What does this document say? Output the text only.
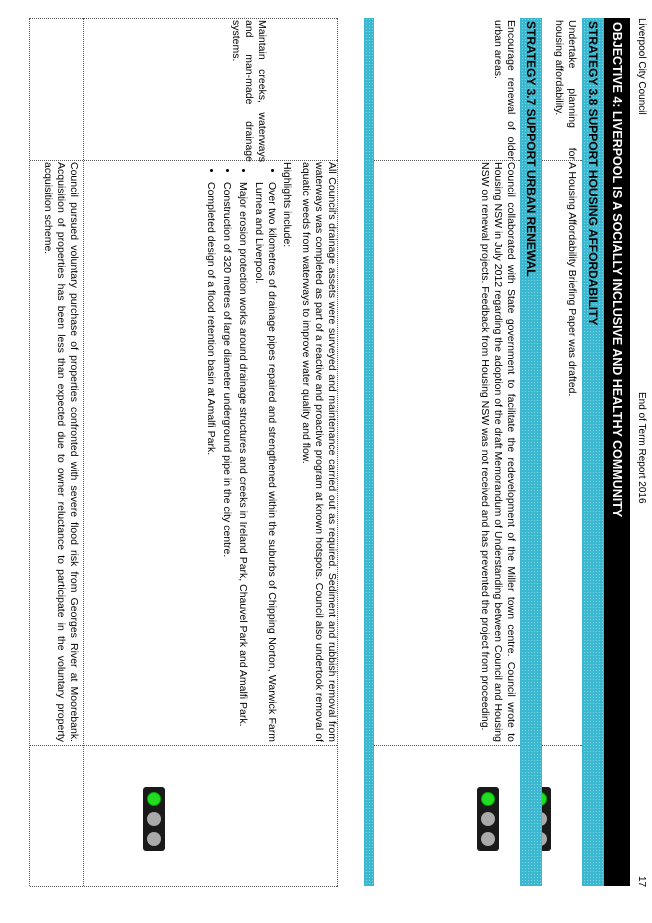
Liverpool City Council
End of Term Report 2016
17
OBJECTIVE 4: LIVERPOOL IS A SOCIALLY INCLUSIVE AND HEALTHY COMMUNITY
STRATEGY 3.8 SUPPORT HOUSING AFFORDABILITY
Undertake planning for housing affordability.
A Housing Affordability Briefing Paper was drafted.
STRATEGY 3.7 SUPPORT URBAN RENEWAL
Encourage renewal of older urban areas.
Council collaborated with State government to facilitate the redevelopment of the Miller town centre. Council wrote to Housing NSW in July 2012 regarding the adoption of the draft Memorandum of Understanding between Council and Housing NSW on renewal projects. Feedback from Housing NSW was not received and has prevented the project from proceeding.
Maintain creeks, waterways and man-made drainage systems.

All Council's drainage assets were surveyed and maintenance carried out as required. Sediment and rubbish removal from waterways was completed as part of a reactive and proactive program at known hotspots. Council also undertook removal of aquatic weeds from waterways to improve water quality and flow.

Highlights include:

• Over two kilometres of drainage pipes repaired and strengthened within the suburbs of Chipping Norton, Warwick Farm Lurnea and Liverpool.
• Major erosion protection works around drainage structures and creeks in Ireland Park, Chauvel Park and Amalfi Park.
• Construction of 320 metres of large diameter underground pipe in the city centre.
• Completed design of a flood retention basin at Amalfi Park.
Council pursued voluntary purchase of properties confronted with severe flood risk from Georges River at Moorebank. Acquisition of properties has been less than expected due to owner reluctance to participate in the voluntary property acquisition scheme.
